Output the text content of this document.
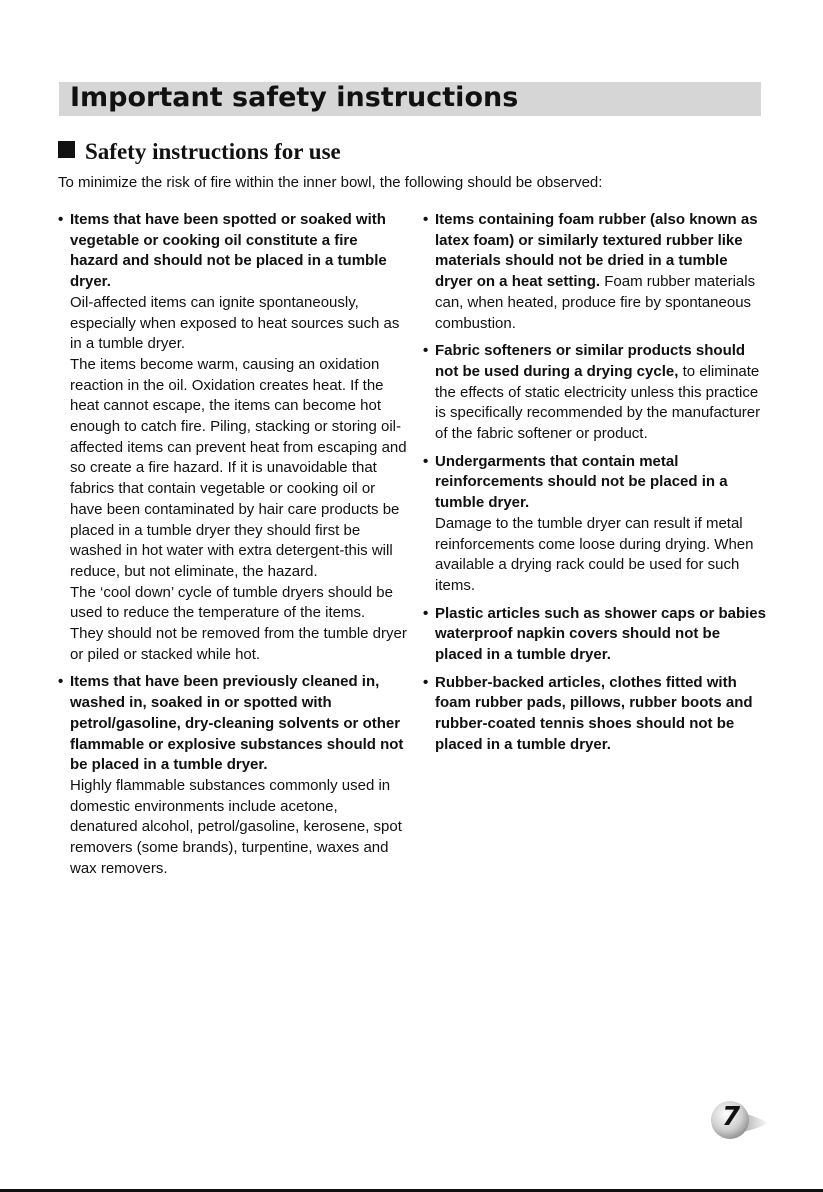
Important safety instructions
Safety instructions for use
To minimize the risk of fire within the inner bowl, the following should be observed:
• Items that have been spotted or soaked with vegetable or cooking oil constitute a fire hazard and should not be placed in a tumble dryer.
Oil-affected items can ignite spontaneously, especially when exposed to heat sources such as in a tumble dryer.
The items become warm, causing an oxidation reaction in the oil. Oxidation creates heat. If the heat cannot escape, the items can become hot enough to catch fire. Piling, stacking or storing oil-affected items can prevent heat from escaping and so create a fire hazard. If it is unavoidable that fabrics that contain vegetable or cooking oil or have been contaminated by hair care products be placed in a tumble dryer they should first be washed in hot water with extra detergent-this will reduce, but not eliminate, the hazard.
The ‘cool down’ cycle of tumble dryers should be used to reduce the temperature of the items.
They should not be removed from the tumble dryer or piled or stacked while hot.
• Items that have been previously cleaned in, washed in, soaked in or spotted with petrol/gasoline, dry-cleaning solvents or other flammable or explosive substances should not be placed in a tumble dryer.
Highly flammable substances commonly used in domestic environments include acetone, denatured alcohol, petrol/gasoline, kerosene, spot removers (some brands), turpentine, waxes and wax removers.
• Items containing foam rubber (also known as latex foam) or similarly textured rubber like materials should not be dried in a tumble dryer on a heat setting. Foam rubber materials can, when heated, produce fire by spontaneous combustion.
• Fabric softeners or similar products should not be used during a drying cycle, to eliminate the effects of static electricity unless this practice is specifically recommended by the manufacturer of the fabric softener or product.
• Undergarments that contain metal reinforcements should not be placed in a tumble dryer.
Damage to the tumble dryer can result if metal reinforcements come loose during drying. When available a drying rack could be used for such items.
• Plastic articles such as shower caps or babies waterproof napkin covers should not be placed in a tumble dryer.
• Rubber-backed articles, clothes fitted with foam rubber pads, pillows, rubber boots and rubber-coated tennis shoes should not be placed in a tumble dryer.
7
